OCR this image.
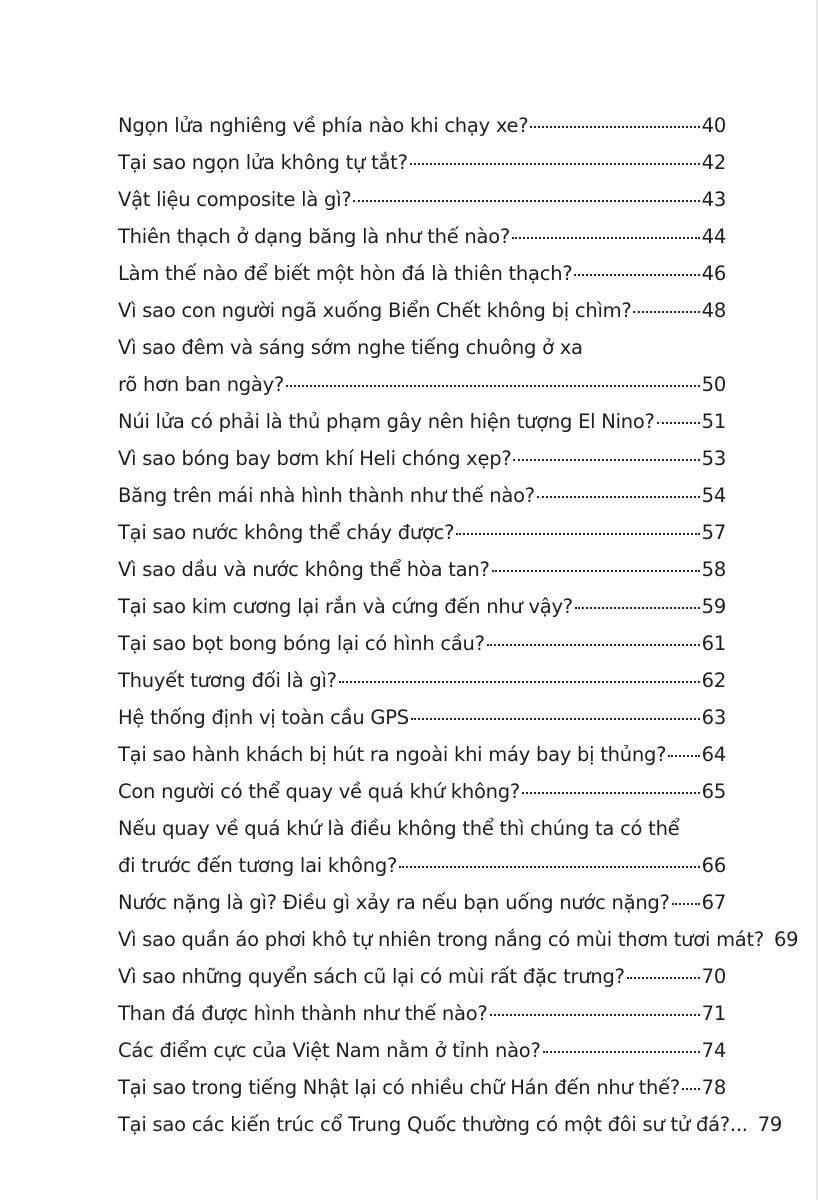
Ngọn lửa nghiêng về phía nào khi chạy xe?	40
Tại sao ngọn lửa không tự tắt?	42
Vật liệu composite là gì?	43
Thiên thạch ở dạng băng là như thế nào?	44
Làm thế nào để biết một hòn đá là thiên thạch?	46
Vì sao con người ngã xuống Biển Chết không bị chìm?	48
Vì sao đêm và sáng sớm nghe tiếng chuông ở xa
rõ hơn ban ngày?	50
Núi lửa có phải là thủ phạm gây nên hiện tượng El Nino? 51
Vì sao bóng bay bơm khí Heli chóng xẹp?	53
Băng trên mái nhà hình thành như thế nào?	54
Tại sao nước không thể cháy được?	57
Vì sao dầu và nước không thể hòa tan?	58
Tại sao kim cương lại rắn và cứng đến như vậy?	59
Tại sao bọt bong bóng lại có hình cầu?	61
Thuyết tương đối là gì?	62
Hệ thống định vị toàn cầu GPS	63
Tại sao hành khách bị hút ra ngoài khi máy bay bị thủng? 64
Con người có thể quay về quá khứ không?	65
Nếu quay về quá khứ là điều không thể thì chúng ta có thể
đi trước đến tương lai không?	66
Nước nặng là gì? Điều gì xảy ra nếu bạn uống nước nặng? 67
Vì sao quần áo phơi khô tự nhiên trong nắng có mùi thơm tươi mát? 69
Vì sao những quyển sách cũ lại có mùi rất đặc trưng?	70
Than đá được hình thành như thế nào?	71
Các điểm cực của Việt Nam nằm ở tỉnh nào?	74
Tại sao trong tiếng Nhật lại có nhiều chữ Hán đến như thế? 78
Tại sao các kiến trúc cổ Trung Quốc thường có một đôi sư tử đá?... 79
